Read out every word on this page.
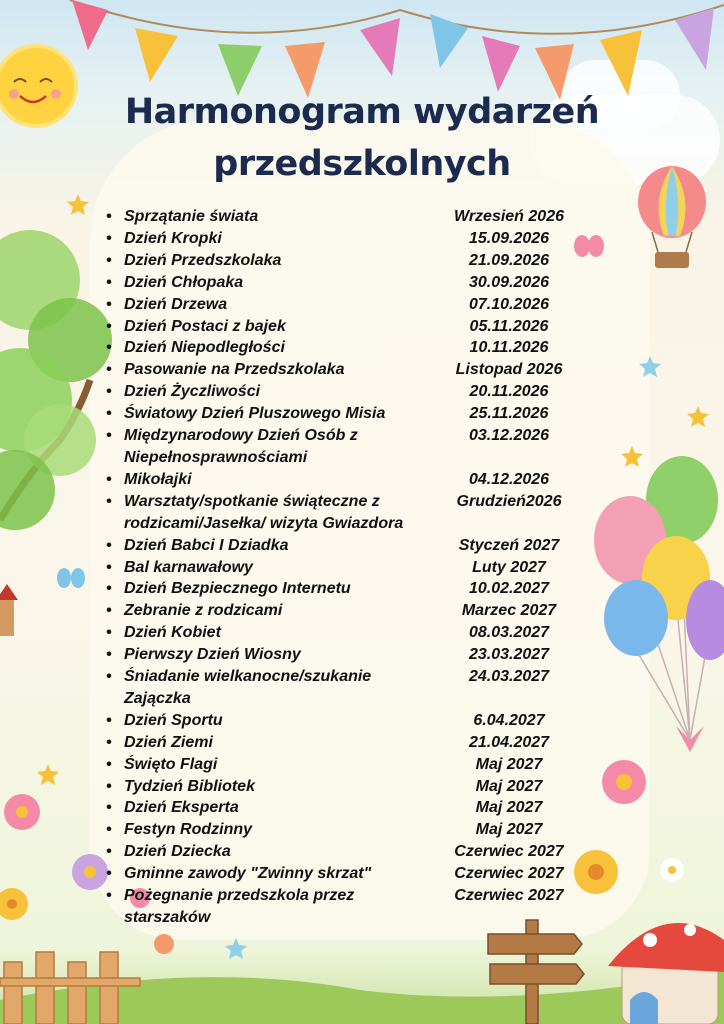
Harmonogram wydarzeń
przedszkolnych
• Sprzątanie świata	Wrzesień 2026
• Dzień Kropki	15.09.2026
• Dzień Przedszkolaka	21.09.2026
• Dzień Chłopaka	30.09.2026
• Dzień Drzewa	07.10.2026
• Dzień Postaci z bajek	05.11.2026
• Dzień Niepodległości	10.11.2026
• Pasowanie na Przedszkolaka	Listopad 2026
• Dzień Życzliwości	20.11.2026
• Światowy Dzień Pluszowego Misia	25.11.2026
• Międzynarodowy Dzień Osób z Niepełnosprawnościami
03.12.2026
• Mikołajki	04.12.2026
• Warsztaty/spotkanie świąteczne z rodzicami/Jasełka/ wizyta Gwiazdora
Grudzień2026
• Dzień Babci I Dziadka	Styczeń 2027
• Bal karnawałowy	Luty 2027
• Dzień Bezpiecznego Internetu	10.02.2027
• Zebranie z rodzicami	Marzec 2027
• Dzień Kobiet	08.03.2027
• Pierwszy Dzień Wiosny	23.03.2027
• Śniadanie wielkanocne/szukanie Zajączka
24.03.2027
• Dzień Sportu	6.04.2027
• Dzień Ziemi	21.04.2027
• Święto Flagi	Maj 2027
• Tydzień Bibliotek	Maj 2027
• Dzień Eksperta	Maj 2027
• Festyn Rodzinny	Maj 2027
• Dzień Dziecka	Czerwiec 2027
• Gminne zawody "Zwinny skrzat"	Czerwiec 2027
• Pożegnanie przedszkola przez starszaków
Czerwiec 2027
